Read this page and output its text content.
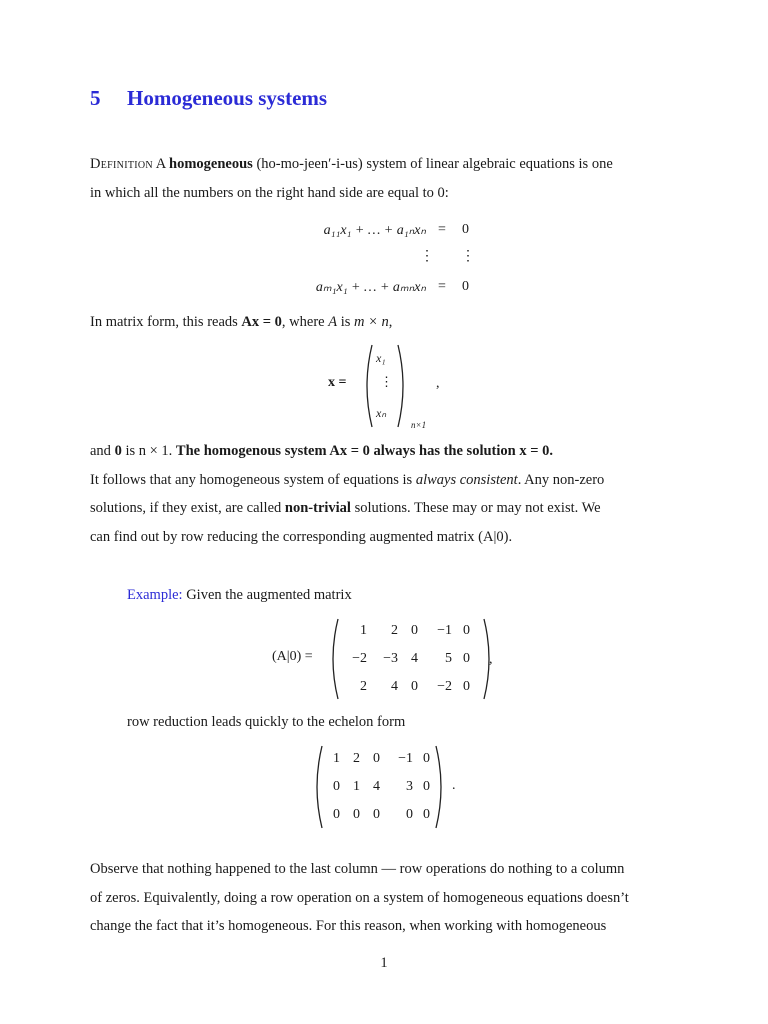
5 Homogeneous systems
Definition A homogeneous (ho-mo-jeen′-i-us) system of linear algebraic equations is one
in which all the numbers on the right hand side are equal to 0:
a₁₁x₁ + … + a₁ₙxₙ = 0
⋮ ⋮
aₘ₁x₁ + … + aₘₙxₙ = 0
In matrix form, this reads Ax = 0, where A is m × n,
x =
x₁
⋮
xₙ
n×1
,
and 0 is n × 1. The homogenous system Ax = 0 always has the solution x = 0.
It follows that any homogeneous system of equations is always consistent. Any non-zero
solutions, if they exist, are called non-trivial solutions. These may or may not exist. We
can find out by row reducing the corresponding augmented matrix (A|0).
Example: Given the augmented matrix
(A|0) =	,
row reduction leads quickly to the echelon form
.
Observe that nothing happened to the last column — row operations do nothing to a column
of zeros. Equivalently, doing a row operation on a system of homogeneous equations doesn’t
change the fact that it’s homogeneous. For this reason, when working with homogeneous
1
1	2 0	−1 0
−2	−3 4	5 0
2	4 0	−2 0
1 2 0	−1 0
0 1 4	3 0
0 0 0	0 0
